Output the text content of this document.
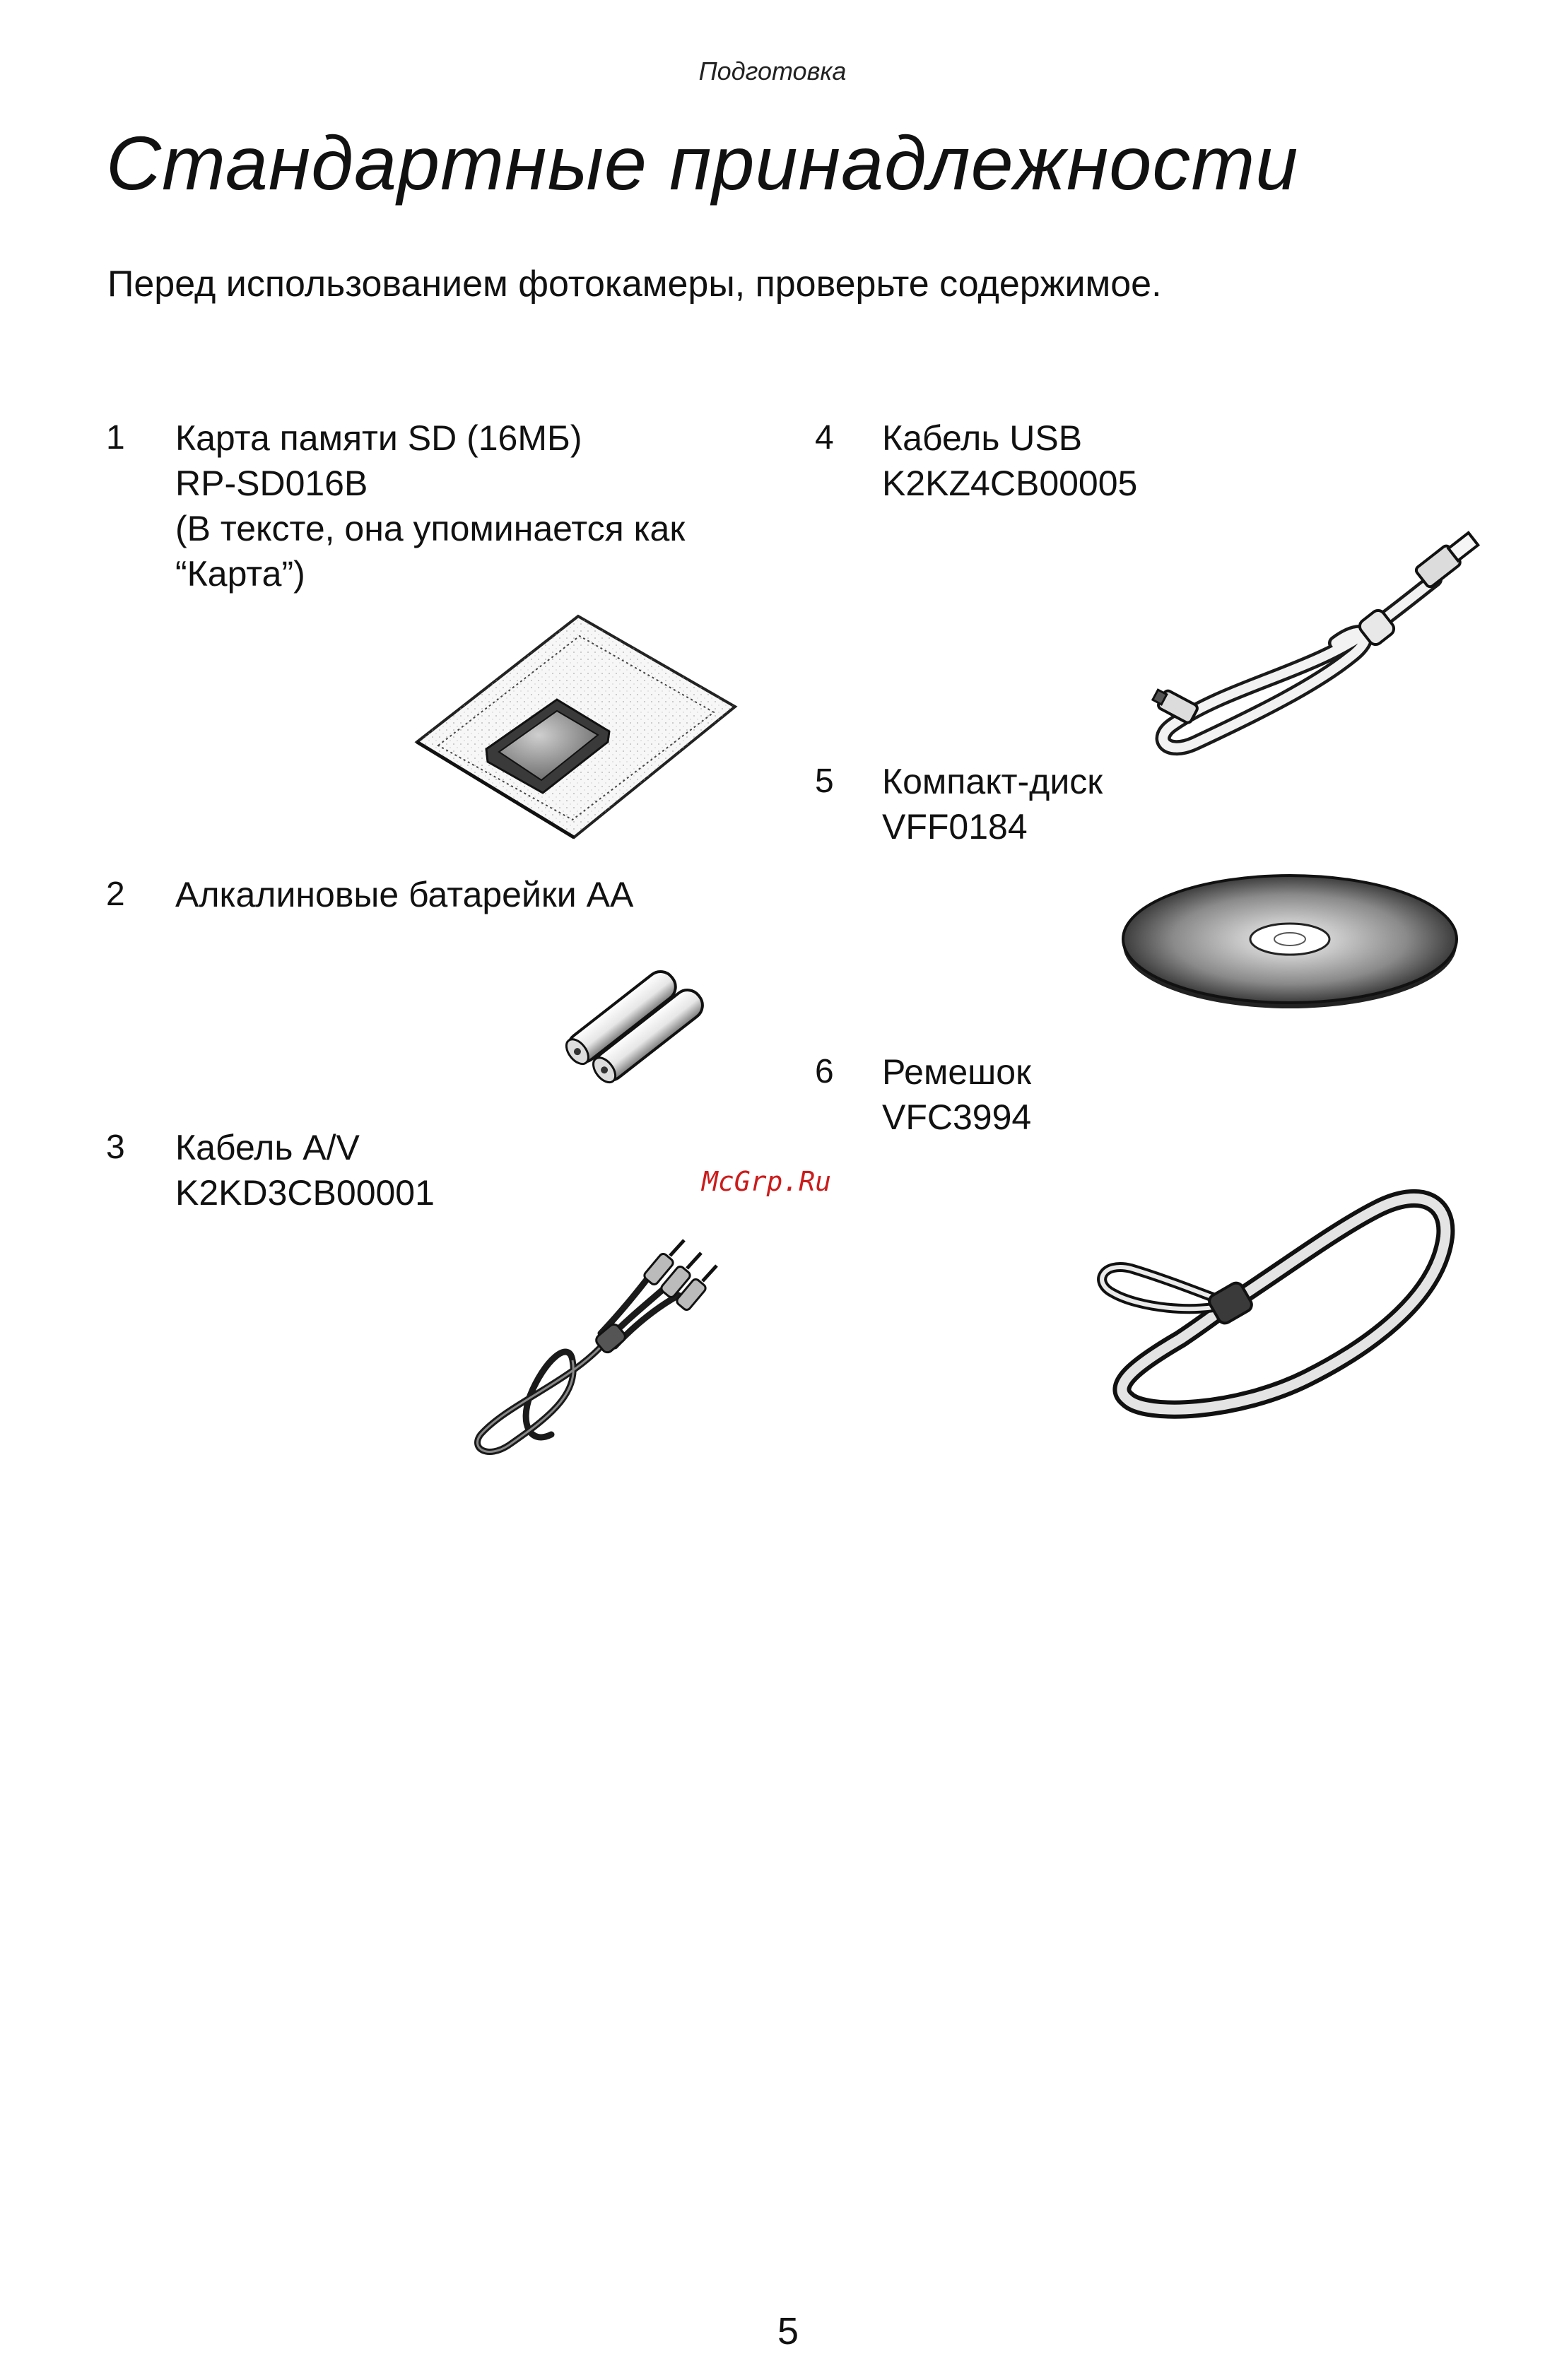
Подготовка
Стандартные принадлежности
Перед использованием фотокамеры, проверьте содержимое.
1	Карта памяти SD (16МБ)
RP-SD016B
(В тексте, она упоминается как
“Карта”)
2	Алкалиновые батарейки AA
3	Кабель A/V
K2KD3CB00001
4	Кабель USB
K2KZ4CB00005
5	Компакт-диск
VFF0184
6	Ремешок
VFC3994
McGrp.Ru
5
